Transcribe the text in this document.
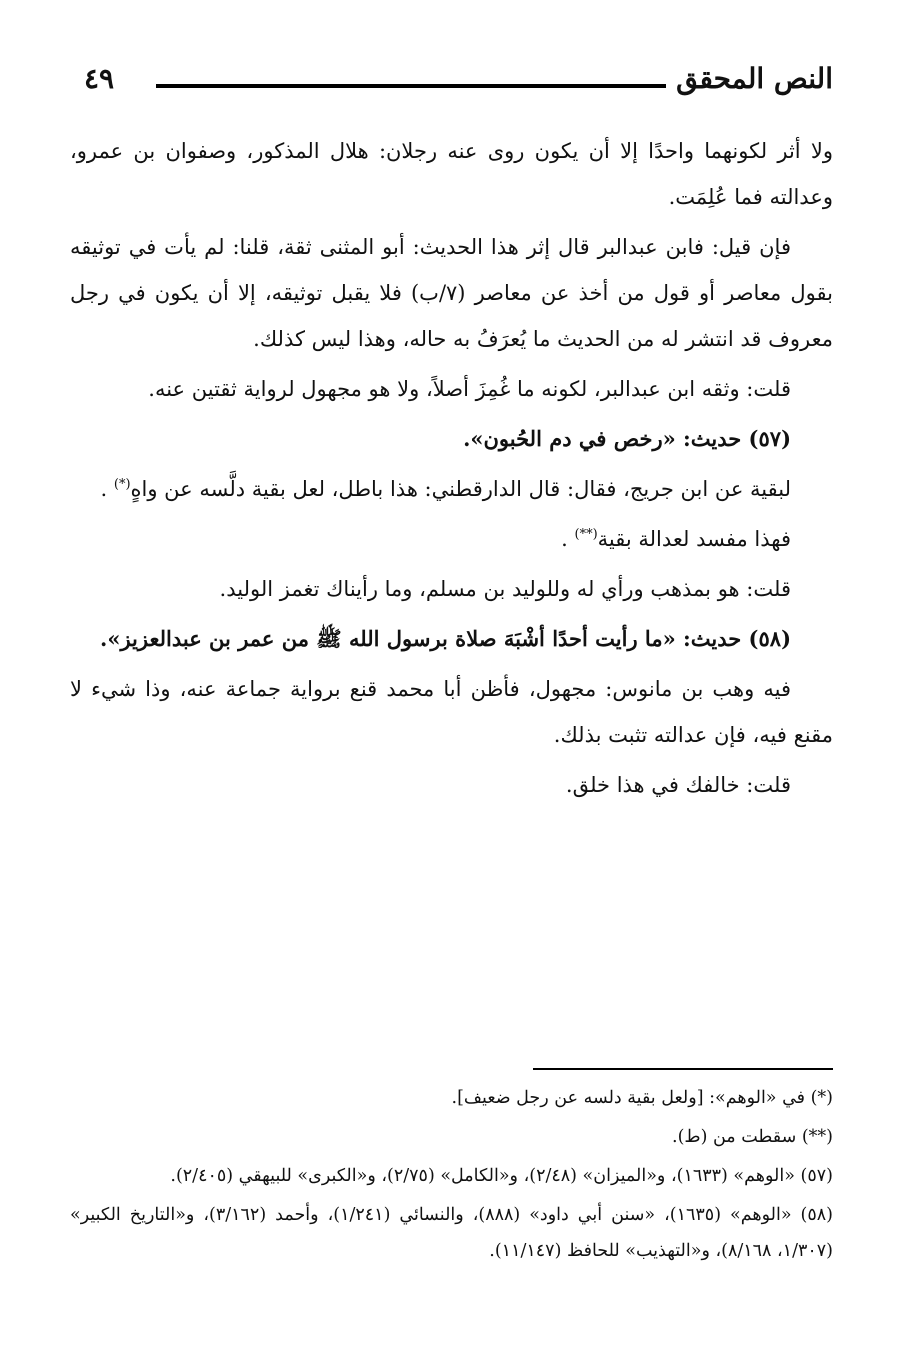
النص المحقق
٤٩

ولا أثر لكونهما واحدًا إلا أن يكون روى عنه رجلان: هلال المذكور، وصفوان بن عمرو، وعدالته فما عُلِمَت.

فإن قيل: فابن عبدالبر قال إثر هذا الحديث: أبو المثنى ثقة، قلنا: لم يأت في توثيقه بقول معاصر أو قول من أخذ عن معاصر (٧/ب) فلا يقبل توثيقه، إلا أن يكون في رجل معروف قد انتشر له من الحديث ما يُعرَفُ به حاله، وهذا ليس كذلك.

قلت: وثقه ابن عبدالبر، لكونه ما غُمِزَ أصلاً، ولا هو مجهول لرواية ثقتين عنه.

(٥٧) حديث: «رخص في دم الحُبون».

لبقية عن ابن جريج، فقال: قال الدارقطني: هذا باطل، لعل بقية دلَّسه عن واهٍ(*) .

فهذا مفسد لعدالة بقية(**) .

قلت: هو بمذهب ورأي له وللوليد بن مسلم، وما رأيناك تغمز الوليد.

(٥٨) حديث: «ما رأيت أحدًا أشْبَهَ صلاة برسول الله ﷺ من عمر بن عبدالعزيز».

فيه وهب بن مانوس: مجهول، فأظن أبا محمد قنع برواية جماعة عنه، وذا شيء لا مقنع فيه، فإن عدالته تثبت بذلك.

قلت: خالفك في هذا خلق.

(*) في «الوهم»: [ولعل بقية دلسه عن رجل ضعيف].

(**) سقطت من (ط).

(٥٧) «الوهم» (١٦٣٣)، و«الميزان» (٢/٤٨)، و«الكامل» (٢/٧٥)، و«الكبرى» للبيهقي (٢/٤٠٥).

(٥٨) «الوهم» (١٦٣٥)، «سنن أبي داود» (٨٨٨)، والنسائي (١/٢٤١)، وأحمد (٣/١٦٢)، و«التاريخ الكبير» (١/٣٠٧، ٨/١٦٨)، و«التهذيب» للحافظ (١١/١٤٧).
